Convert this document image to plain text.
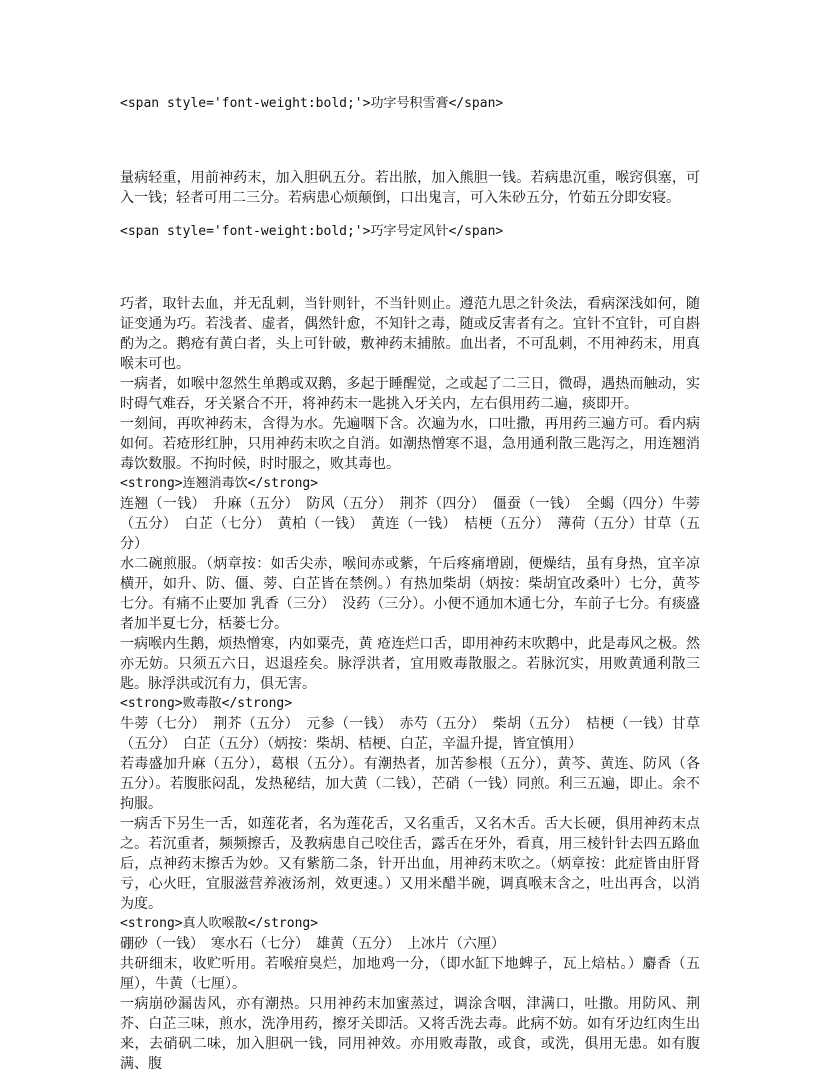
<span style='font-weight:bold;'>功字号积雪膏</span>

量病轻重，用前神药末，加入胆矾五分。若出脓，加入熊胆一钱。若病患沉重，喉窍俱塞，可入一钱；轻者可用二三分。若病患心烦颠倒，口出鬼言，可入朱砂五分，竹茹五分即安寝。

<span style='font-weight:bold;'>巧字号定风针</span>

巧者，取针去血，并无乱刺，当针则针，不当针则止。遵范九思之针灸法，看病深浅如何，随证变通为巧。若浅者、虚者，偶然针愈，不知针之毒，随或反害者有之。宜针不宜针，可自斟酌为之。鹅疮有黄白者，头上可针破，敷神药末捕脓。血出者，不可乱刺，不用神药末，用真喉末可也。

一病者，如喉中忽然生单鹅或双鹅，多起于睡醒觉，之或起了二三日，微碍，遇热而触动，实时碍气难吞，牙关紧合不开，将神药末一匙挑入牙关内，左右俱用药二遍，痰即开。

一刻间，再吹神药末，含得为水。先遍咽下含。次遍为水，口吐撒，再用药三遍方可。看内病如何。若疮形红肿，只用神药末吹之自消。如潮热憎寒不退，急用通利散三匙泻之，用连翘消毒饮数服。不拘时候，时时服之，败其毒也。

<strong>连翘消毒饮</strong>

连翘（一钱）　升麻（五分）　防风（五分）　荆芥（四分）　僵蚕（一钱）　全蝎（四分）牛蒡（五分）　白芷（七分）　黄柏（一钱）　黄连（一钱）　桔梗（五分）　薄荷（五分）甘草（五分）

水二碗煎服。（炳章按：如舌尖赤，喉间赤或紫，午后疼痛增剧，便燥结，虽有身热，宜辛凉横开，如升、防、僵、蒡、白芷皆在禁例。）有热加柴胡（炳按：柴胡宜改桑叶）七分，黄芩七分。有痛不止要加 乳香（三分）　没药（三分）。小便不通加木通七分，车前子七分。有痰盛者加半夏七分，栝蒌七分。

一病喉内生鹅，烦热憎寒，内如粟壳，黄 疮连烂口舌，即用神药末吹鹅中，此是毒风之极。然亦无妨。只须五六日，迟退痊矣。脉浮洪者，宜用败毒散服之。若脉沉实，用败黄通利散三匙。脉浮洪或沉有力，俱无害。

<strong>败毒散</strong>

牛蒡（七分）　荆芥（五分）　元参（一钱）　赤芍（五分）　柴胡（五分）　桔梗（一钱）甘草（五分）　白芷（五分）（炳按：柴胡、桔梗、白芷，辛温升提，皆宜慎用）

若毒盛加升麻（五分），葛根（五分）。有潮热者，加苦参根（五分），黄芩、黄连、防风（各五分）。若腹胀闷乱，发热秘结，加大黄（二钱），芒硝（一钱）同煎。利三五遍，即止。余不拘服。

一病舌下另生一舌，如莲花者，名为莲花舌，又名重舌，又名木舌。舌大长硬，俱用神药末点之。若沉重者，频频擦舌，及教病患自己咬住舌，露舌在牙外，看真，用三棱针针去四五路血后，点神药末擦舌为妙。又有紫筋二条，针开出血，用神药末吹之。（炳章按：此症皆由肝肾亏，心火旺，宜服滋营养液汤剂，效更速。）又用米醋半碗，调真喉末含之，吐出再含，以消为度。

<strong>真人吹喉散</strong>

硼砂（一钱）　寒水石（七分）　雄黄（五分）　上冰片（六厘）

共研细末，收贮听用。若喉疳臭烂，加地鸡一分，（即水缸下地蜱子，瓦上焙枯。）麝香（五厘），牛黄（七厘）。

一病崩砂漏齿风，亦有潮热。只用神药末加蜜蒸过，调涂含咽，津满口，吐撒。用防风、荆芥、白芷三味，煎水，洗净用药，擦牙关即活。又将舌洗去毒。此病不妨。如有牙边红肉生出来，去硝矾二味，加入胆矾一钱，同用神效。亦用败毒散，或食，或洗，俱用无患。如有腹满、腹
